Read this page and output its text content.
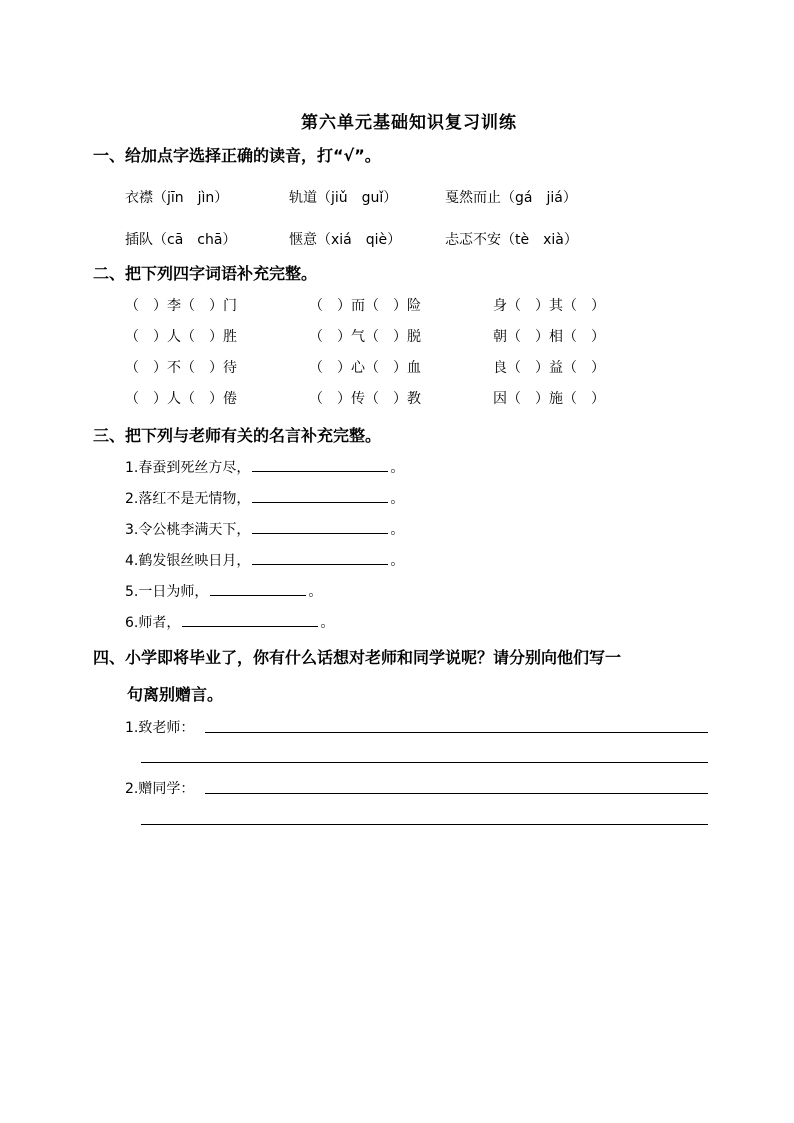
第六单元基础知识复习训练
一、给加点字选择正确的读音，打“√”。
衣襟（jīn　jìn）	轨道（jiǔ　guǐ）	戛然而止（gá　jiá）
插队（cā　chā）	惬意（xiá　qiè）	忐忑不安（tè　xià）
二、把下列四字词语补充完整。
（　）李（　）门	（　）而（　）险	身（　）其（　）
（　）人（　）胜	（　）气（　）脱	朝（　）相（　）
（　）不（　）待	（　）心（　）血	良（　）益（　）
（　）人（　）倦	（　）传（　）教	因（　）施（　）
三、把下列与老师有关的名言补充完整。
1.春蚕到死丝方尽，	。
2.落红不是无情物，	。
3.令公桃李满天下，	。
4.鹤发银丝映日月，	。
5.一日为师，	。
6.师者，	。
四、小学即将毕业了，你有什么话想对老师和同学说呢？请分别向他们写一
句离别赠言。
1.致老师：
2.赠同学：
